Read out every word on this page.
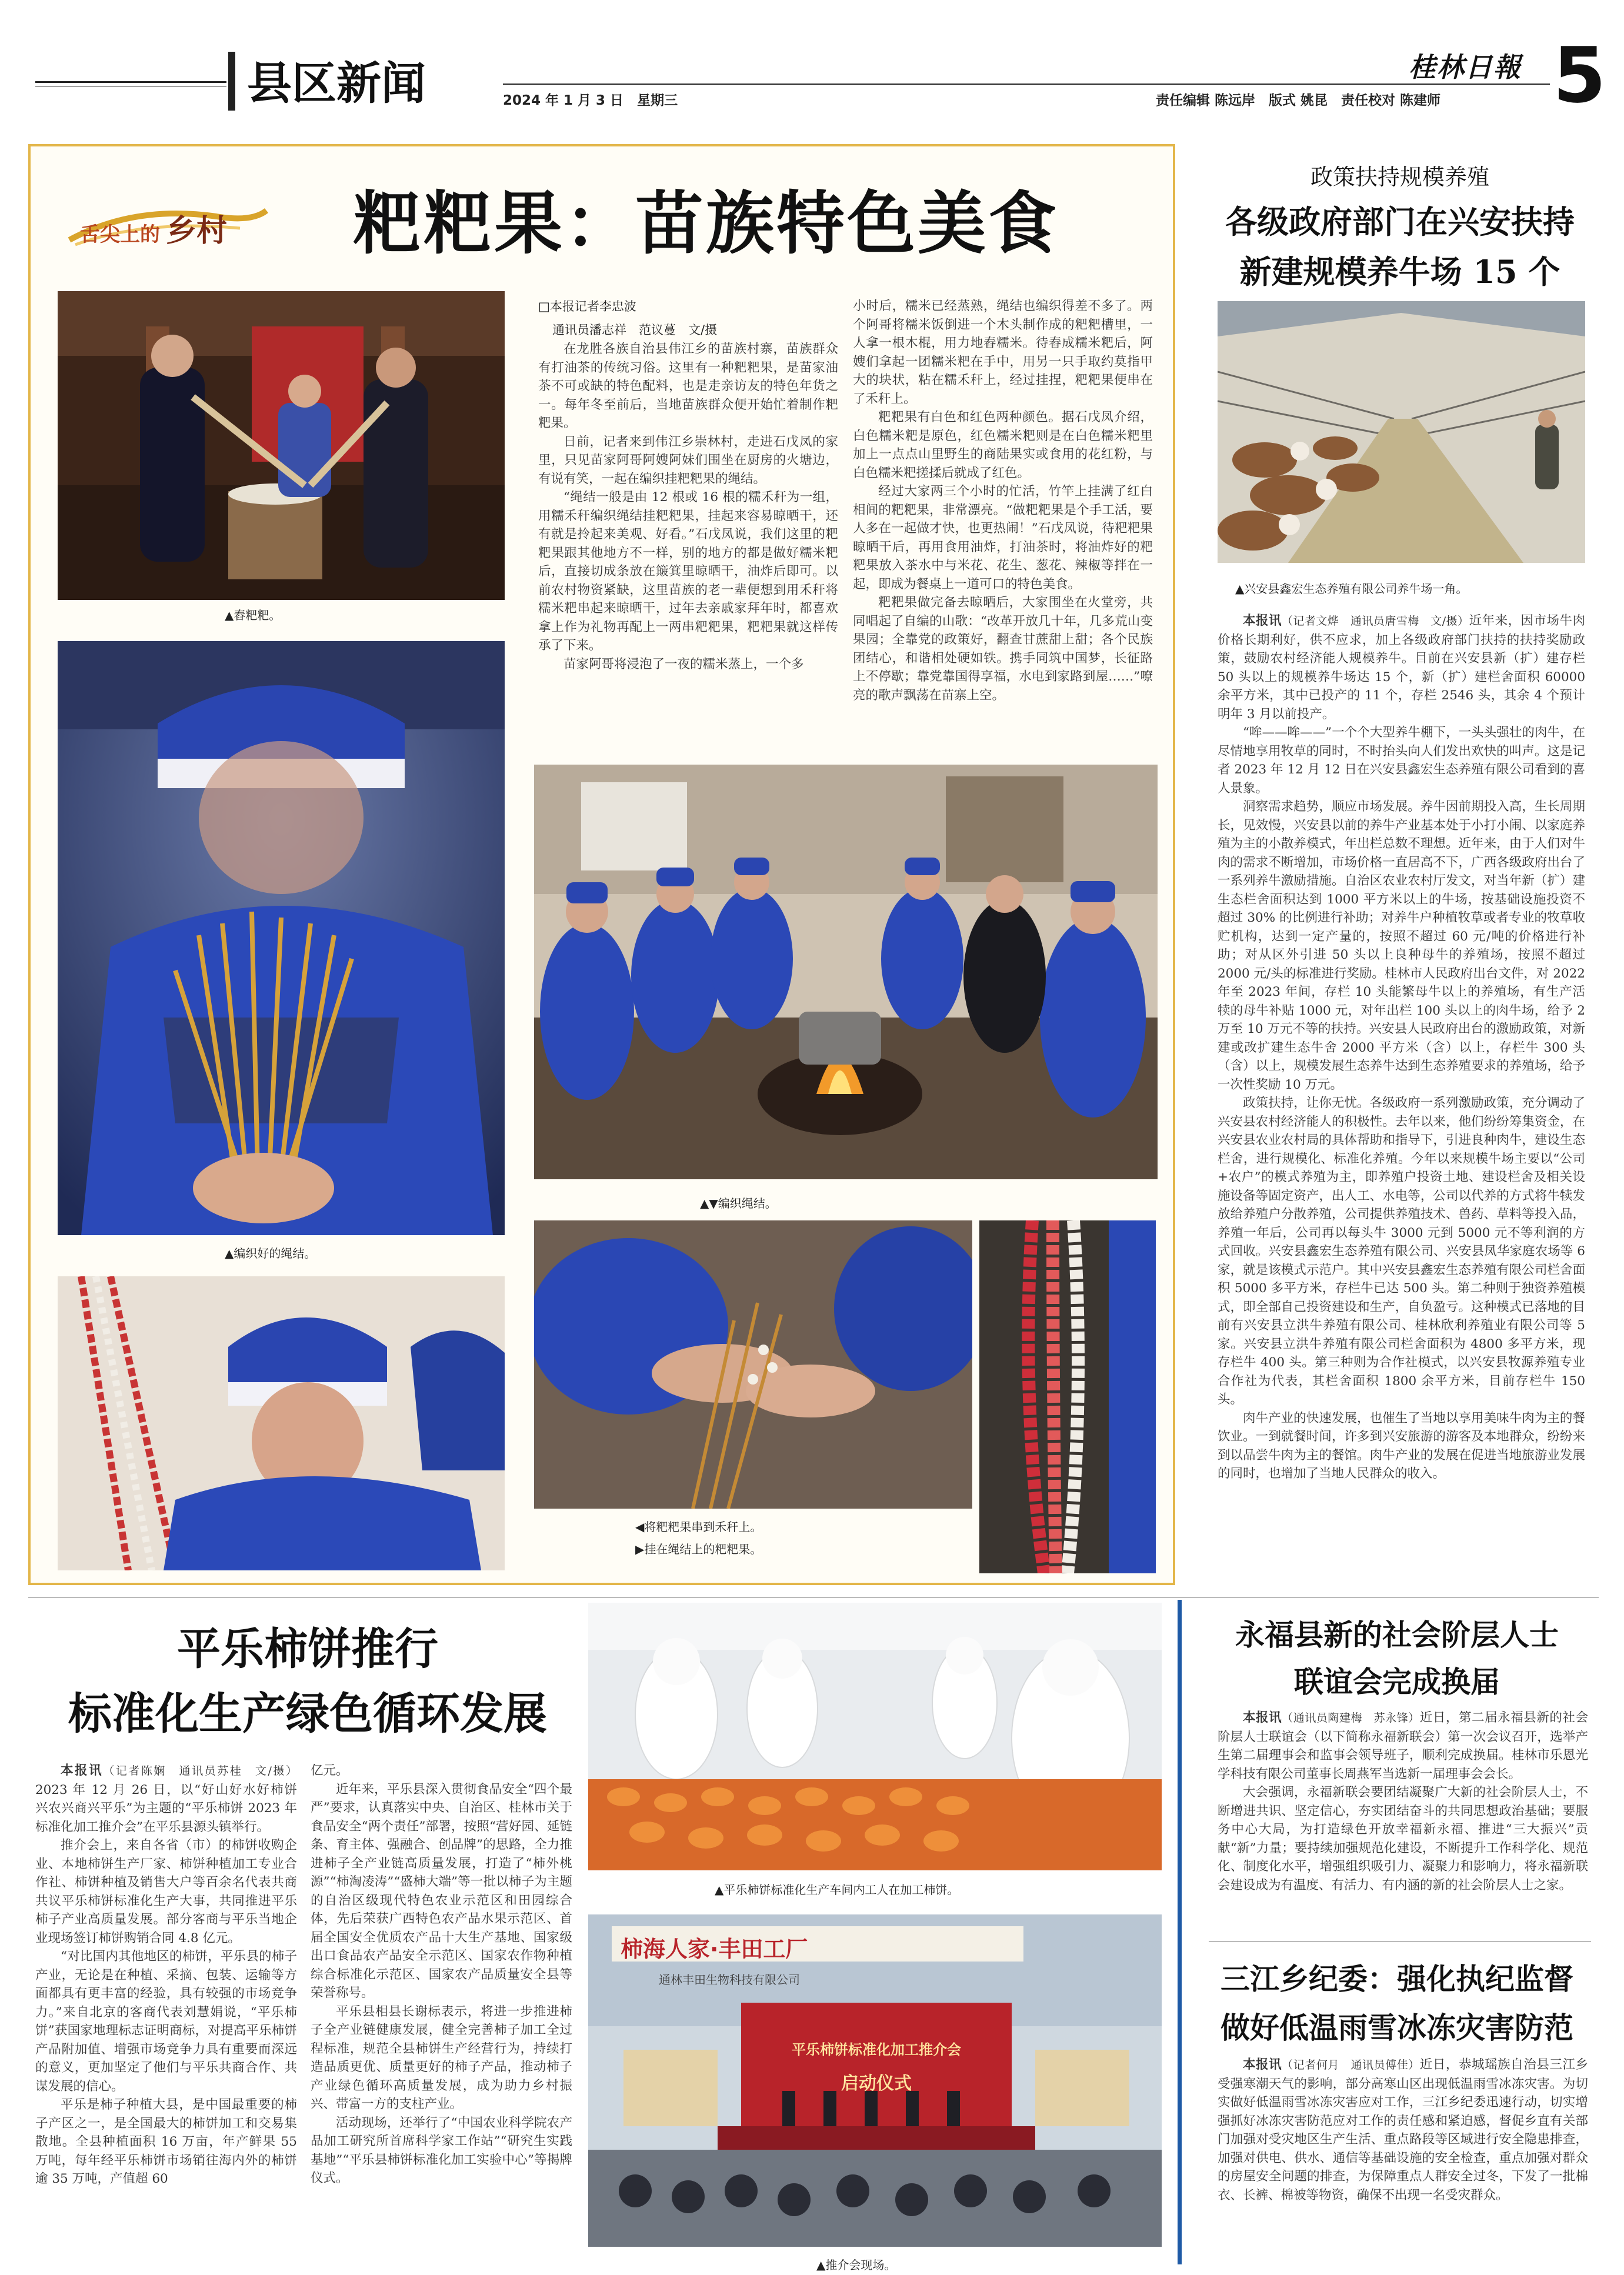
县区新闻	2024 年 1 月 3 日　 星期三
桂林日報
责任编辑 陈远岸　 版式 姚昆　 责任校对 陈建师 5
舌尖上的 乡村 粑粑果：苗族特色美食
▲舂粑粑。
▲编织好的绳结。
□本报记者李忠波
通讯员潘志祥　范议蔓　文/摄

在龙胜各族自治县伟江乡的苗族村寨，苗族群众有打油茶的传统习俗。这里有一种粑粑果，是苗家油茶不可或缺的特色配料，也是走亲访友的特色年货之一。每年冬至前后，当地苗族群众便开始忙着制作粑粑果。

日前，记者来到伟江乡崇林村，走进石戊凤的家里，只见苗家阿哥阿嫂阿妹们围坐在厨房的火塘边，有说有笑，一起在编织挂粑粑果的绳结。

“绳结一般是由 12 根或 16 根的糯禾秆为一组，用糯禾秆编织绳结挂粑粑果，挂起来容易晾晒干，还有就是拎起来美观、好看。”石戊凤说，我们这里的粑粑果跟其他地方不一样，别的地方的都是做好糯米粑后，直接切成条放在簸箕里晾晒干，油炸后即可。以前农村物资紧缺，这里苗族的老一辈便想到用禾秆将糯米粑串起来晾晒干，过年去亲戚家拜年时，都喜欢拿上作为礼物再配上一两串粑粑果，粑粑果就这样传承了下来。

苗家阿哥将浸泡了一夜的糯米蒸上，一个多

小时后，糯米已经蒸熟，绳结也编织得差不多了。两个阿哥将糯米饭倒进一个木头制作成的粑粑槽里，一人拿一根木棍，用力地舂糯米。待舂成糯米粑后，阿嫂们拿起一团糯米粑在手中，用另一只手取约莫指甲大的块状，粘在糯禾秆上，经过挂捏，粑粑果便串在了禾秆上。

粑粑果有白色和红色两种颜色。据石戊凤介绍，白色糯米粑是原色，红色糯米粑则是在白色糯米粑里加上一点点山里野生的商陆果实或食用的花红粉，与白色糯米粑搓揉后就成了红色。

经过大家两三个小时的忙活，竹竿上挂满了红白相间的粑粑果，非常漂亮。“做粑粑果是个手工活，要人多在一起做才快，也更热闹！”石戊凤说，待粑粑果晾晒干后，再用食用油炸，打油茶时，将油炸好的粑粑果放入茶水中与米花、花生、葱花、辣椒等拌在一起，即成为餐桌上一道可口的特色美食。

粑粑果做完备去晾晒后，大家围坐在火堂旁，共同唱起了自编的山歌：“改革开放几十年，几多荒山变果园；全靠党的政策好，翻查甘蔗甜上甜；各个民族团结心，和谐相处硬如铁。携手同筑中国梦，长征路上不停歇；靠党靠国得享福，水电到家路到屋……”嘹亮的歌声飘荡在苗寨上空。

▲▼编织绳结。
◀将粑粑果串到禾秆上。
▶挂在绳结上的粑粑果。
政策扶持规模养殖
各级政府部门在兴安扶持
新建规模养牛场 15 个
▲兴安县鑫宏生态养殖有限公司养牛场一角。

本报讯（记者文烨　通讯员唐雪梅　文/摄）近年来，因市场牛肉价格长期利好，供不应求，加上各级政府部门扶持的扶持奖励政策，鼓励农村经济能人规模养牛。目前在兴安县新（扩）建存栏 50 头以上的规模养牛场达 15 个，新（扩）建栏舍面积 60000 余平方米，其中已投产的 11 个，存栏 2546 头，其余 4 个预计明年 3 月以前投产。

“哞——哞——”一个个大型养牛棚下，一头头强壮的肉牛，在尽情地享用牧草的同时，不时抬头向人们发出欢快的叫声。这是记者 2023 年 12 月 12 日在兴安县鑫宏生态养殖有限公司看到的喜人景象。

洞察需求趋势，顺应市场发展。养牛因前期投入高，生长周期长，见效慢，兴安县以前的养牛产业基本处于小打小闹、以家庭养殖为主的小散养模式，年出栏总数不理想。近年来，由于人们对牛肉的需求不断增加，市场价格一直居高不下，广西各级政府出台了一系列养牛激励措施。自治区农业农村厅发文，对当年新（扩）建生态栏舍面积达到 1000 平方米以上的牛场，按基础设施投资不超过 30% 的比例进行补助；对养牛户种植牧草或者专业的牧草收贮机构，达到一定产量的，按照不超过 60 元/吨的价格进行补助；对从区外引进 50 头以上良种母牛的养殖场，按照不超过 2000 元/头的标准进行奖励。桂林市人民政府出台文件，对 2022 年至 2023 年间，存栏 10 头能繁母牛以上的养殖场，有生产活犊的母牛补贴 1000 元，对年出栏 100 头以上的肉牛场，给予 2 万至 10 万元不等的扶持。兴安县人民政府出台的激励政策，对新建或改扩建生态牛舍 2000 平方米（含）以上，存栏牛 300 头（含）以上，规模发展生态养牛达到生态养殖要求的养殖场，给予一次性奖励 10 万元。

政策扶持，让你无忧。各级政府一系列激励政策，充分调动了兴安县农村经济能人的积极性。去年以来，他们纷纷筹集资金，在兴安县农业农村局的具体帮助和指导下，引进良种肉牛，建设生态栏舍，进行规模化、标准化养殖。今年以来规模牛场主要以“公司+农户”的模式养殖为主，即养殖户投资土地、建设栏舍及相关设施设备等固定资产，出人工、水电等，公司以代养的方式将牛犊发放给养殖户分散养殖，公司提供养殖技术、兽药、草料等投入品，养殖一年后，公司再以每头牛 3000 元到 5000 元不等利润的方式回收。兴安县鑫宏生态养殖有限公司、兴安县凤华家庭农场等 6 家，就是该模式示范户。其中兴安县鑫宏生态养殖有限公司栏舍面积 5000 多平方米，存栏牛已达 500 头。第二种则于独资养殖模式，即全部自己投资建设和生产，自负盈亏。这种模式已落地的目前有兴安县立洪牛养殖有限公司、桂林欣利养殖业有限公司等 5 家。兴安县立洪牛养殖有限公司栏舍面积为 4800 多平方米，现存栏牛 400 头。第三种则为合作社模式，以兴安县牧源养殖专业合作社为代表，其栏舍面积 1800 余平方米，目前存栏牛 150 头。

肉牛产业的快速发展，也催生了当地以享用美味牛肉为主的餐饮业。一到就餐时间，许多到兴安旅游的游客及本地群众，纷纷来到以品尝牛肉为主的餐馆。肉牛产业的发展在促进当地旅游业发展的同时，也增加了当地人民群众的收入。

平乐柿饼推行
标准化生产绿色循环发展

本报讯（记者陈娴　通讯员苏桂　文/摄）2023 年 12 月 26 日，以“好山好水好柿饼　兴农兴商兴平乐”为主题的“平乐柿饼 2023 年标准化加工推介会”在平乐县源头镇举行。

推介会上，来自各省（市）的柿饼收购企业、本地柿饼生产厂家、柿饼种植加工专业合作社、柿饼种植及销售大户等百余名代表共商共议平乐柿饼标准化生产大事，共同推进平乐柿子产业高质量发展。部分客商与平乐当地企业现场签订柿饼购销合同 4.8 亿元。

“对比国内其他地区的柿饼，平乐县的柿子产业，无论是在种植、采摘、包装、运输等方面都具有更丰富的经验，具有较强的市场竞争力。”来自北京的客商代表刘慧娟说，“平乐柿饼”获国家地理标志证明商标，对提高平乐柿饼产品附加值、增强市场竞争力具有重要而深远的意义，更加坚定了他们与平乐共商合作、共谋发展的信心。

平乐是柿子种植大县，是中国最重要的柿子产区之一，是全国最大的柿饼加工和交易集散地。全县种植面积 16 万亩，年产鲜果 55 万吨，每年经平乐柿饼市场销往海内外的柿饼逾 35 万吨，产值超 60

亿元。

近年来，平乐县深入贯彻食品安全“四个最严”要求，认真落实中央、自治区、桂林市关于食品安全“两个责任”部署，按照“营好园、延链条、育主体、强融合、创品牌”的思路，全力推进柿子全产业链高质量发展，打造了“柿外桃源”“柿淘凌涛”“盛柿大端”等一批以柿子为主题的自治区级现代特色农业示范区和田园综合体，先后荣获广西特色农产品水果示范区、首届全国安全优质农产品十大生产基地、国家级出口食品农产品安全示范区、国家农作物种植综合标准化示范区、国家农产品质量安全县等荣誉称号。

平乐县相县长谢标表示，将进一步推进柿子全产业链健康发展，健全完善柿子加工全过程标准，规范全县柿饼生产经营行为，持续打造品质更优、质量更好的柿子产品，推动柿子产业绿色循环高质量发展，成为助力乡村振兴、带富一方的支柱产业。

活动现场，还举行了“中国农业科学院农产品加工研究所首席科学家工作站”“研究生实践基地”“平乐县柿饼标准化加工实验中心”等揭牌仪式。

▲平乐柿饼标准化生产车间内工人在加工柿饼。
柿海人家·丰田工厂
通林丰田生物科技有限公司
平乐柿饼标准化加工推介会
启动仪式
▲推介会现场。
永福县新的社会阶层人士
联谊会完成换届

本报讯（通讯员陶建梅　苏永锋）近日，第二届永福县新的社会阶层人士联谊会（以下简称永福新联会）第一次会议召开，选举产生第二届理事会和监事会领导班子，顺利完成换届。桂林市乐恩光学科技有限公司董事长周燕军当选新一届理事会会长。

大会强调，永福新联会要团结凝聚广大新的社会阶层人士，不断增进共识、坚定信心，夯实团结奋斗的共同思想政治基础；要服务中心大局，为打造绿色开放幸福新永福、推进“三大振兴”贡献“新”力量；要持续加强规范化建设，不断提升工作科学化、规范化、制度化水平，增强组织吸引力、凝聚力和影响力，将永福新联会建设成为有温度、有活力、有内涵的新的社会阶层人士之家。

三江乡纪委：强化执纪监督
做好低温雨雪冰冻灾害防范

本报讯（记者何月　通讯员傅佳）近日，恭城瑶族自治县三江乡受强寒潮天气的影响，部分高寒山区出现低温雨雪冰冻灾害。为切实做好低温雨雪冰冻灾害应对工作，三江乡纪委迅速行动，切实增强抓好冰冻灾害防范应对工作的责任感和紧迫感，督促乡直有关部门加强对受灾地区生产生活、重点路段等区域进行安全隐患排查，加强对供电、供水、通信等基础设施的安全检查，重点加强对群众的房屋安全问题的排查，为保障重点人群安全过冬，下发了一批棉衣、长裤、棉被等物资，确保不出现一名受灾群众。
